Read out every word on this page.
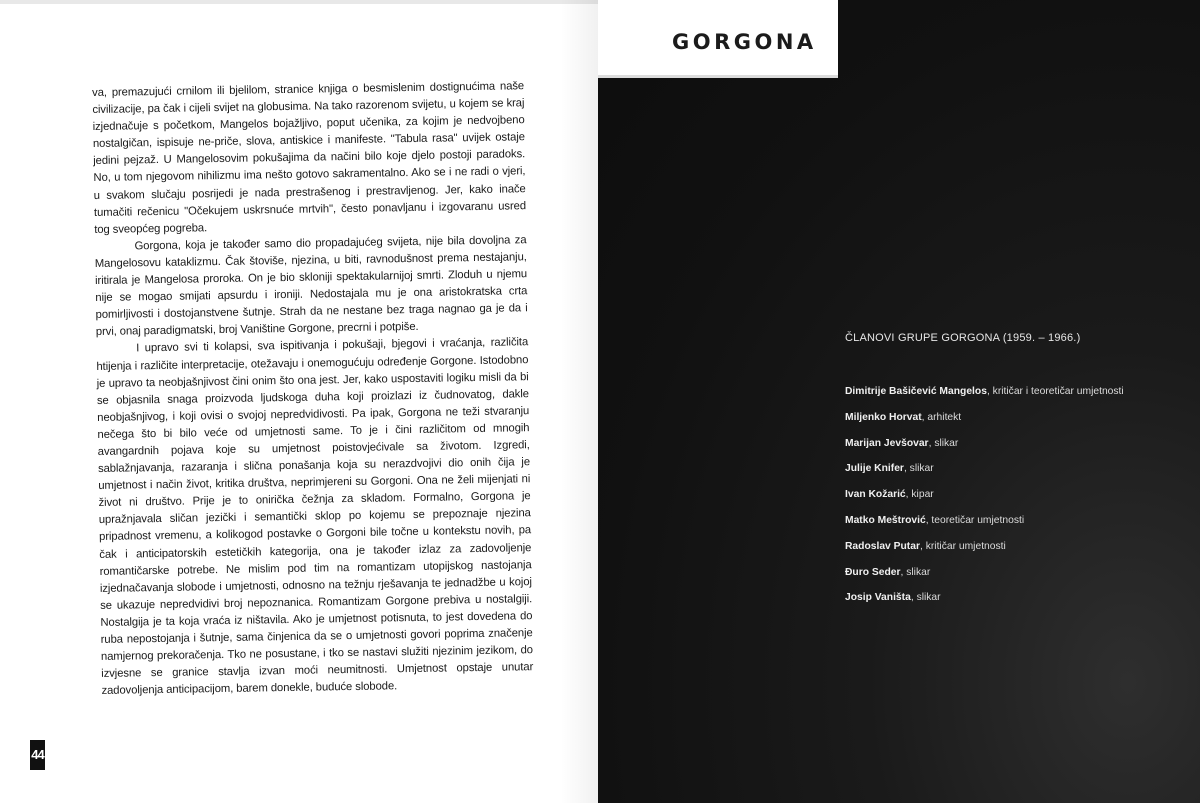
va, premazujući crnilom ili bjelilom, stranice knjiga o besmislenim dostignućima naše civilizacije, pa čak i cijeli svijet na globusima. Na tako razorenom svijetu, u kojem se kraj izjednačuje s početkom, Mangelos bojažljivo, poput učenika, za kojim je nedvojbeno nostalgičan, ispisuje ne-priče, slova, antiskice i manifeste. "Tabula rasa" uvijek ostaje jedini pejzaž. U Mangelosovim pokušajima da načini bilo koje djelo postoji paradoks. No, u tom njegovom nihilizmu ima nešto gotovo sakramentalno. Ako se i ne radi o vjeri, u svakom slučaju posrijedi je nada prestrašenog i prestravljenog. Jer, kako inače tumačiti rečenicu "Očekujem uskrsnuće mrtvih", često ponavljanu i izgovaranu usred tog sveopćeg pogreba.

Gorgona, koja je također samo dio propadajućeg svijeta, nije bila dovoljna za Mangelosovu kataklizmu. Čak štoviše, njezina, u biti, ravnodušnost prema nestajanju, iritirala je Mangelosa proroka. On je bio skloniji spektakularnijoj smrti. Zloduh u njemu nije se mogao smijati apsurdu i ironiji. Nedostajala mu je ona aristokratska crta pomirljivosti i dostojanstvene šutnje. Strah da ne nestane bez traga nagnao ga je da i prvi, onaj paradigmatski, broj Vaništine Gorgone, precrni i potpiše.

I upravo svi ti kolapsi, sva ispitivanja i pokušaji, bjegovi i vraćanja, različita htijenja i različite interpretacije, otežavaju i onemogućuju određenje Gorgone. Istodobno je upravo ta neobjašnjivost čini onim što ona jest. Jer, kako uspostaviti logiku misli da bi se objasnila snaga proizvoda ljudskoga duha koji proizlazi iz čudnovatog, dakle neobjašnjivog, i koji ovisi o svojoj nepredvidivosti. Pa ipak, Gorgona ne teži stvaranju nečega što bi bilo veće od umjetnosti same. To je i čini različitom od mnogih avangardnih pojava koje su umjetnost poistovjećivale sa životom. Izgredi, sablažnjavanja, razaranja i slična ponašanja koja su nerazdvojivi dio onih čija je umjetnost i način život, kritika društva, neprimjereni su Gorgoni. Ona ne želi mijenjati ni život ni društvo. Prije je to onirička čežnja za skladom. Formalno, Gorgona je upražnjavala sličan jezički i semantički sklop po kojemu se prepoznaje njezina pripadnost vremenu, a kolikogod postavke o Gorgoni bile točne u kontekstu novih, pa čak i anticipatorskih estetičkih kategorija, ona je također izlaz za zadovoljenje romantičarske potrebe. Ne mislim pod tim na romantizam utopijskog nastojanja izjednačavanja slobode i umjetnosti, odnosno na težnju rješavanja te jednadžbe u kojoj se ukazuje nepredvidivi broj nepoznanica. Romantizam Gorgone prebiva u nostalgiji. Nostalgija je ta koja vraća iz ništavila. Ako je umjetnost potisnuta, to jest dovedena do ruba nepostojanja i šutnje, sama činjenica da se o umjetnosti govori poprima značenje namjernog prekoračenja. Tko ne posustane, i tko se nastavi služiti njezinim jezikom, do izvjesne se granice stavlja izvan moći neumitnosti. Umjetnost opstaje unutar zadovoljenja anticipacijom, barem donekle, buduće slobode.

44
GORGONA
ČLANOVI GRUPE GORGONA (1959. – 1966.)
Dimitrije Bašičević Mangelos, kritičar i teoretičar umjetnosti
Miljenko Horvat, arhitekt
Marijan Jevšovar, slikar
Julije Knifer, slikar
Ivan Kožarić, kipar
Matko Meštrović, teoretičar umjetnosti
Radoslav Putar, kritičar umjetnosti
Đuro Seder, slikar
Josip Vaništa, slikar
